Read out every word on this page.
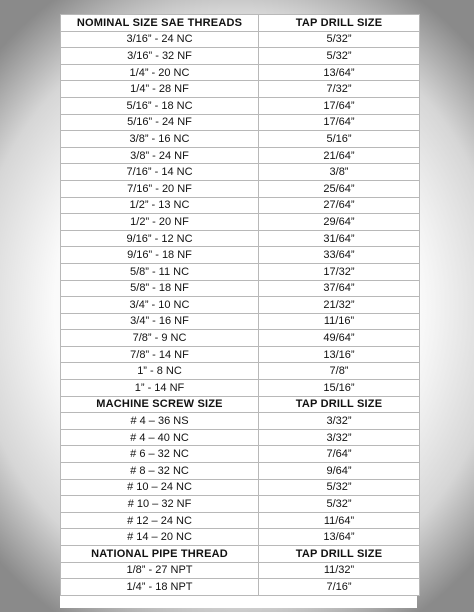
NOMINAL SIZE SAE THREADS	TAP DRILL SIZE
3/16” - 24 NC	5/32”
3/16” - 32 NF	5/32”
1/4” - 20 NC	13/64”
1/4” - 28 NF	7/32”
5/16” - 18 NC	17/64”
5/16” - 24 NF	17/64”
3/8” - 16 NC	5/16”
3/8” - 24 NF	21/64”
7/16” - 14 NC	3/8”
7/16” - 20 NF	25/64”
1/2” - 13 NC	27/64”
1/2” - 20 NF	29/64”
9/16” - 12 NC	31/64”
9/16” - 18 NF	33/64”
5/8” - 11 NC	17/32”
5/8” - 18 NF	37/64”
3/4” - 10 NC	21/32”
3/4” - 16 NF	11/16”
7/8” - 9 NC	49/64”
7/8” - 14 NF	13/16”
1” - 8 NC	7/8”
1” - 14 NF	15/16”
MACHINE SCREW SIZE	TAP DRILL SIZE
# 4 – 36 NS	3/32”
# 4 – 40 NC	3/32”
# 6 – 32 NC	7/64”
# 8 – 32 NC	9/64”
# 10 – 24 NC	5/32”
# 10 – 32 NF	5/32”
# 12 – 24 NC	11/64”
# 14 – 20 NC	13/64”
NATIONAL PIPE THREAD	TAP DRILL SIZE
1/8” - 27 NPT	11/32”
1/4” - 18 NPT	7/16”
